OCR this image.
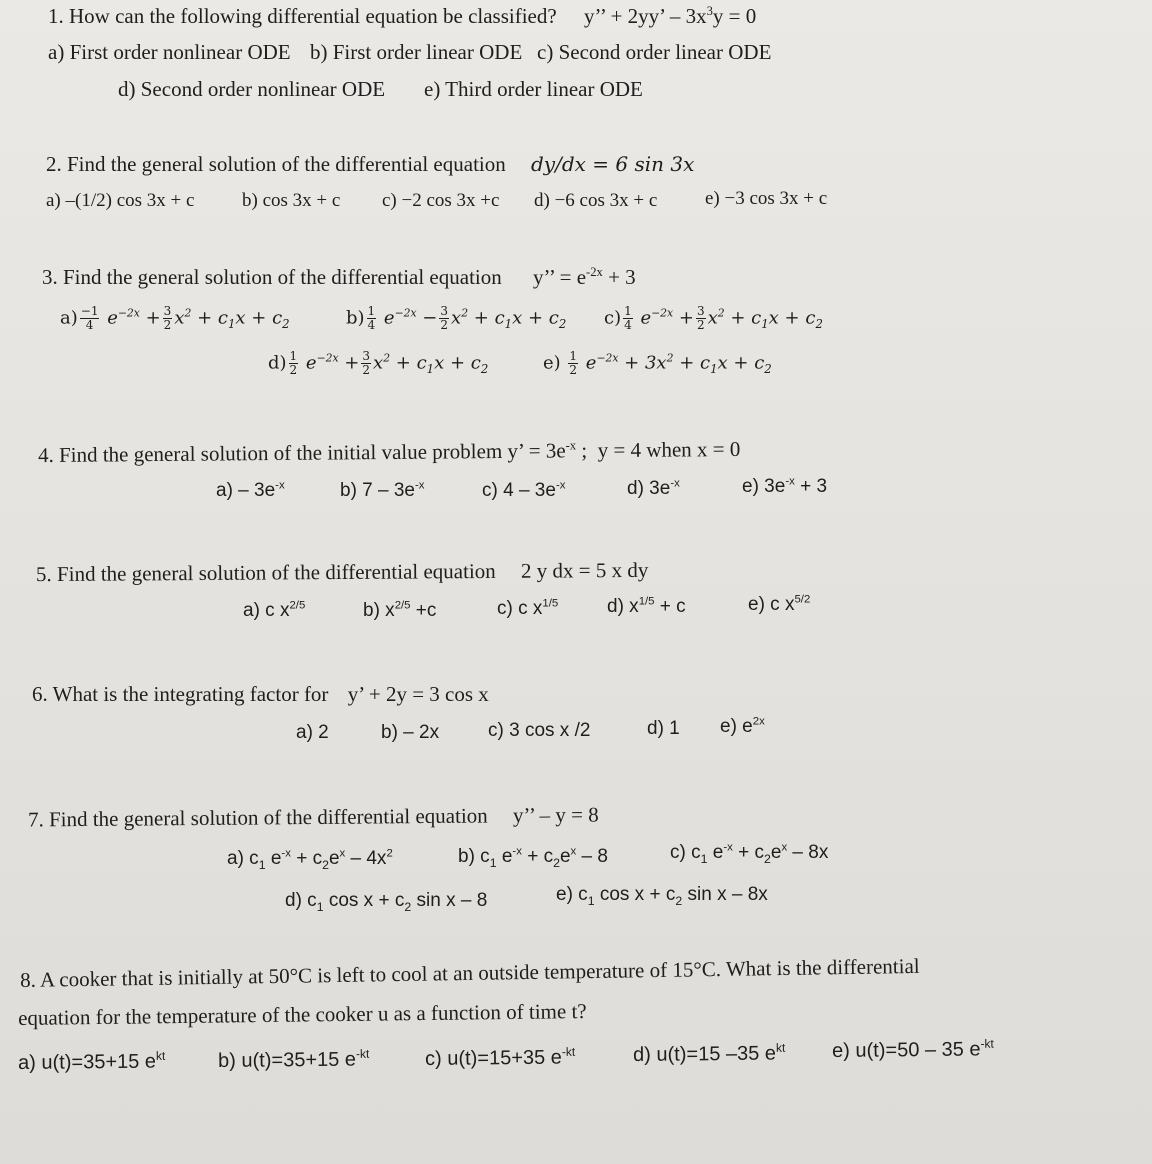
1. How can the following differential equation be classified? y’’ + 2yy’ – $3x^3y = 0$
a) First order nonlinear ODE b) First order linear ODE c) Second order linear ODE
d) Second order nonlinear ODE e) Third order linear ODE
2. Find the general solution of the differential equation dy/dx = 6 sin 3x
a) –(1/2) cos 3x + c	b) cos 3x + c c) −2 cos 3x +c d) −6 cos 3x + c	e) −3 cos 3x + c
3. Find the general solution of the differential equation y’’ = $e^{-2x} + 3$
$a) \frac{-1}{4} e^{-2x} + \frac{3}{2} x^2 + c_1x + c_2$	$b) \frac{1}{4} e^{-2x} - \frac{3}{2} x^2 + c_1x + c_2$ $c) \frac{1}{4} e^{-2x} + \frac{3}{2} x^2 + c_1x + c_2$
$d) \frac{1}{2} e^{-2x} + \frac{3}{2} x^2 + c_1x + c_2$	$e) \frac{1}{2} e^{-2x} + 3x^2 + c_1x + c_2$
4. Find the general solution of the initial value problem y’ = $3e^{-x}$ ;  y = 4 when x = 0
$a) - 3e^{-x}$	b) $7 - 3e^{-x}$	c) $4 - 3e^{-x}$	d) $3e^{-x}$	e) $3e^{-x} + 3$
5. Find the general solution of the differential equation 2 y dx = 5 x dy
a) c $x^{2/5}$	b) $x^{2/5} +c$	c) c $x^{1/5}$	d) $x^{1/5} + c$	e) c $x^{5/2}$
6. What is the integrating factor for y’ + 2y = 3 cos x
a) 2	b) – 2x	c) 3 cos x /2	d) 1 e) $e^{2x}$
7. Find the general solution of the differential equation y’’ – y = 8
a) $c_1$ $e^{-x} + c_2e^x - 4x^2$	b) $c_1$ $e^{-x} + c_2e^x - 8$	c) $c_1$ $e^{-x} + c_2e^x - 8x$
d) $c_1$ $\cos x + c_2$ sin x – 8	e) $c_1$ $\cos x + c_2$ sin x – 8x
8. A cooker that is initially at 50°C is left to cool at an outside temperature of 15°C. What is the differential
equation for the temperature of the cooker u as a function of time t?
a) u(t)=35+15 $e^{kt}$	b) u(t)=35+15 $e^{-kt}$	c) u(t)=15+35 $e^{-kt}$	d) u(t)=15 –35 $e^{kt}$ e) u(t)=50 – 35 $e^{-kt}$
